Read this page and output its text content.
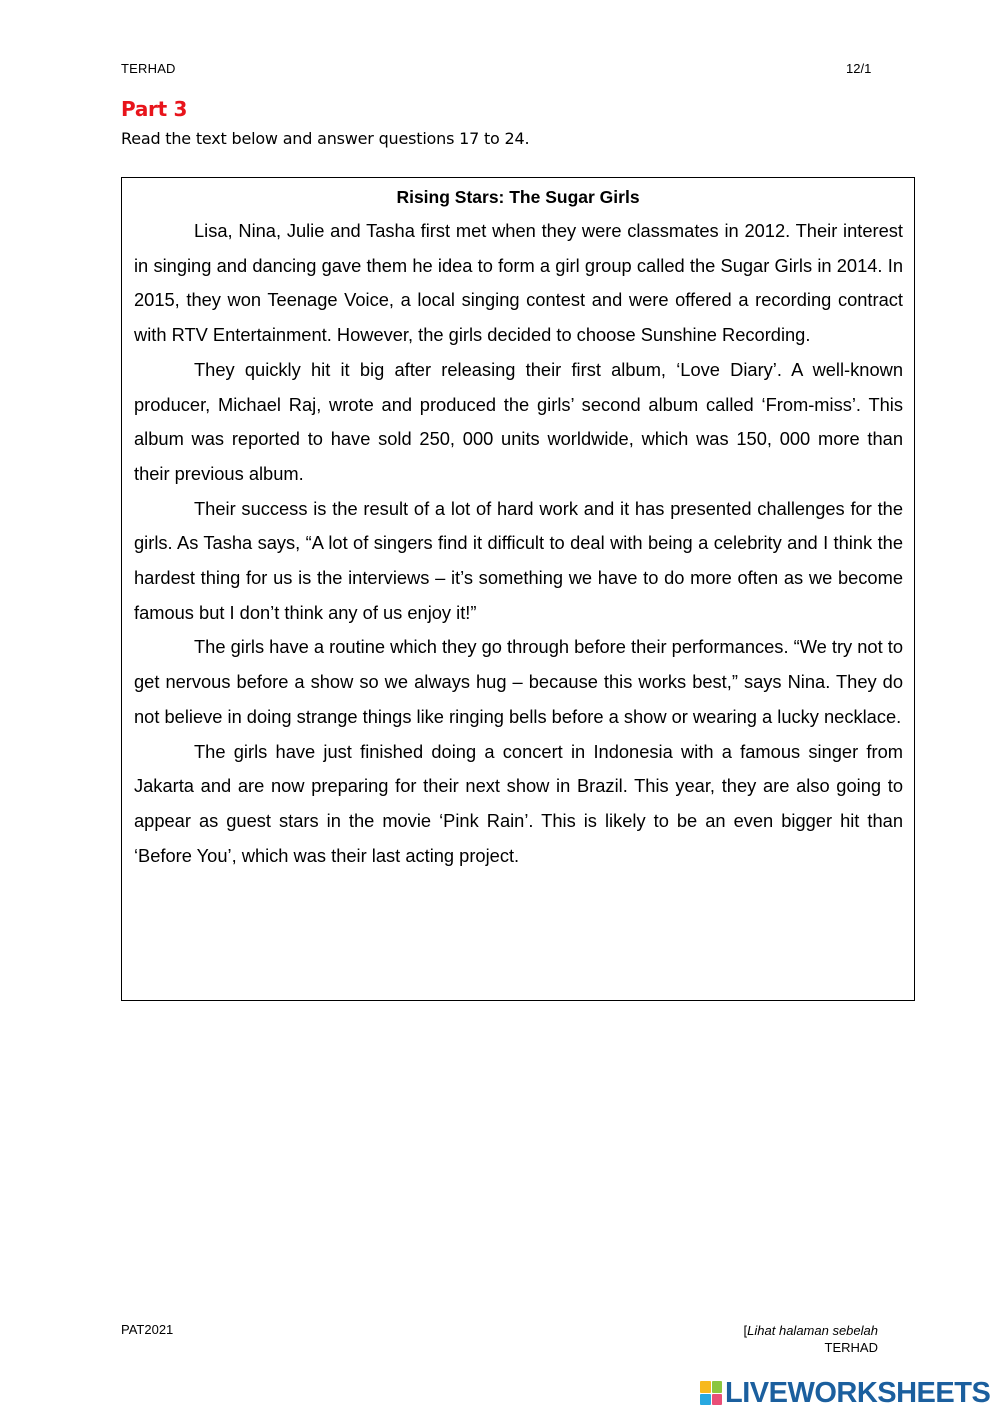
TERHAD	12/1
Part 3
Read the text below and answer questions 17 to 24.
Rising Stars: The Sugar Girls

Lisa, Nina, Julie and Tasha first met when they were classmates in 2012. Their interest in singing and dancing gave them he idea to form a girl group called the Sugar Girls in 2014. In 2015, they won Teenage Voice, a local singing contest and were offered a recording contract with RTV Entertainment. However, the girls decided to choose Sunshine Recording.

They quickly hit it big after releasing their first album, ‘Love Diary’. A well-known producer, Michael Raj, wrote and produced the girls’ second album called ‘From-miss’. This album was reported to have sold 250, 000 units worldwide, which was 150, 000 more than their previous album.

Their success is the result of a lot of hard work and it has presented challenges for the girls. As Tasha says, “A lot of singers find it difficult to deal with being a celebrity and I think the hardest thing for us is the interviews – it’s something we have to do more often as we become famous but I don’t think any of us enjoy it!”

The girls have a routine which they go through before their performances. “We try not to get nervous before a show so we always hug – because this works best,” says Nina. They do not believe in doing strange things like ringing bells before a show or wearing a lucky necklace.

The girls have just finished doing a concert in Indonesia with a famous singer from Jakarta and are now preparing for their next show in Brazil. This year, they are also going to appear as guest stars in the movie ‘Pink Rain’. This is likely to be an even bigger hit than ‘Before You’, which was their last acting project.

PAT2021	[Lihat halaman sebelah
TERHAD
LIVEWORKSHEETS
